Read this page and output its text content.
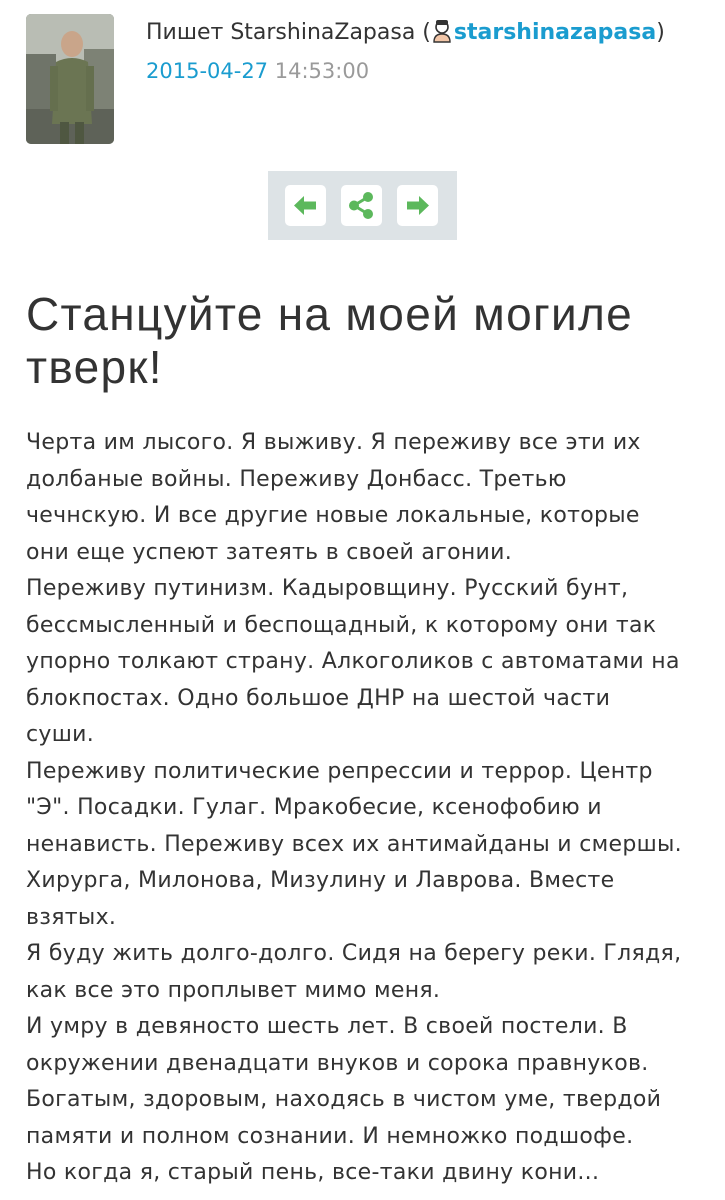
Пишет StarshinaZapasa ( starshinazapasa)
2015-04-27 14:53:00
Станцуйте на моей могиле
тверк!
Черта им лысого. Я выживу. Я переживу все эти их
долбаные войны. Переживу Донбасс. Третью
чечнскую. И все другие новые локальные, которые
они еще успеют затеять в своей агонии.
Переживу путинизм. Кадыровщину. Русский бунт,
бессмысленный и беспощадный, к которому они так
упорно толкают страну. Алкоголиков с автоматами на
блокпостах. Одно большое ДНР на шестой части
суши.
Переживу политические репрессии и террор. Центр
"Э". Посадки. Гулаг. Мракобесие, ксенофобию и
ненависть. Переживу всех их антимайданы и смершы.
Хирурга, Милонова, Мизулину и Лаврова. Вместе
взятых.
Я буду жить долго-долго. Сидя на берегу реки. Глядя,
как все это проплывет мимо меня.
И умру в девяносто шесть лет. В своей постели. В
окружении двенадцати внуков и сорока правнуков.
Богатым, здоровым, находясь в чистом уме, твердой
памяти и полном сознании. И немножко подшофе.
Но когда я, старый пень, все-таки двину кони...
